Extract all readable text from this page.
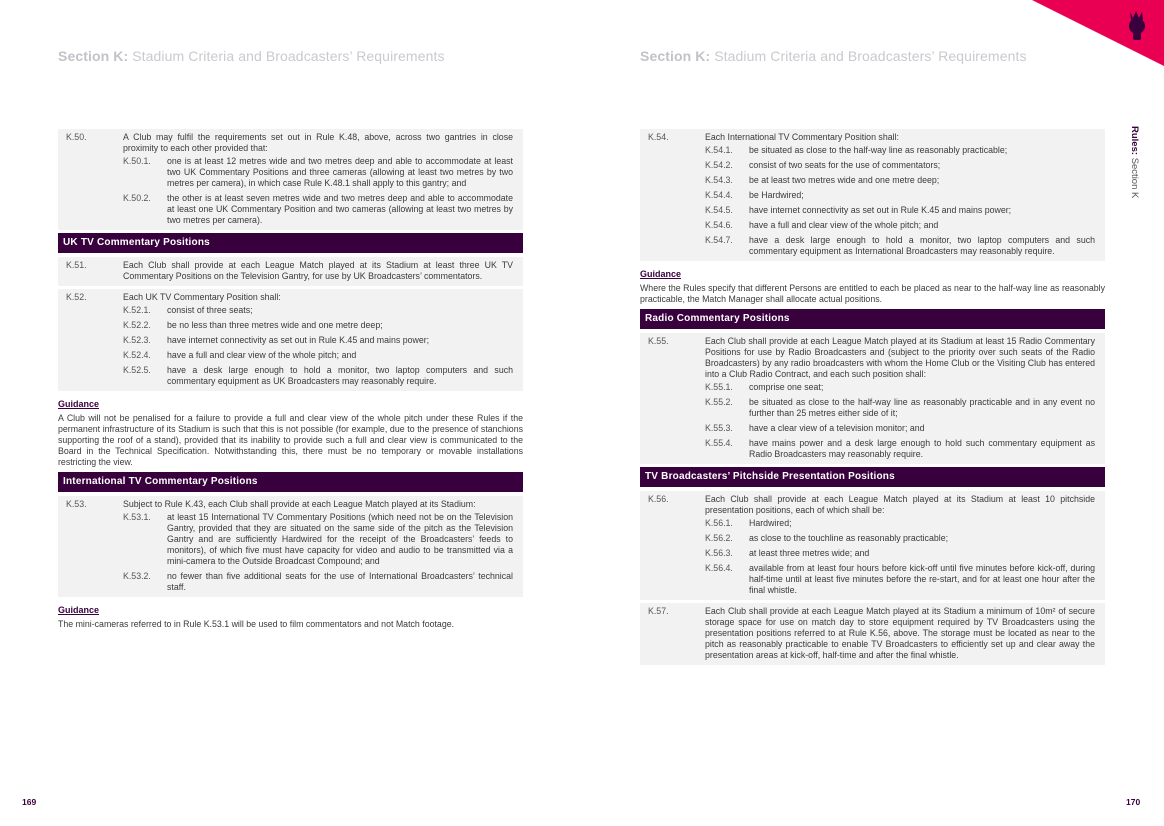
Section K: Stadium Criteria and Broadcasters’ Requirements
K.50.	A Club may fulfil the requirements set out in Rule K.48, above, across two gantries in close proximity to each other provided that:
K.50.1.	one is at least 12 metres wide and two metres deep and able to accommodate at least two UK Commentary Positions and three cameras (allowing at least two metres by two metres per camera), in which case Rule K.48.1 shall apply to this gantry; and
K.50.2.	the other is at least seven metres wide and two metres deep and able to accommodate at least one UK Commentary Position and two cameras (allowing at least two metres by two metres per camera).
UK TV Commentary Positions
K.51.	Each Club shall provide at each League Match played at its Stadium at least three UK TV Commentary Positions on the Television Gantry, for use by UK Broadcasters’ commentators.
K.52.	Each UK TV Commentary Position shall:
K.52.1.	consist of three seats;
K.52.2.	be no less than three metres wide and one metre deep;
K.52.3.	have internet connectivity as set out in Rule K.45 and mains power;
K.52.4.	have a full and clear view of the whole pitch; and
K.52.5.	have a desk large enough to hold a monitor, two laptop computers and such commentary equipment as UK Broadcasters may reasonably require.
Guidance
A Club will not be penalised for a failure to provide a full and clear view of the whole pitch under these Rules if the permanent infrastructure of its Stadium is such that this is not possible (for example, due to the presence of stanchions supporting the roof of a stand), provided that its inability to provide such a full and clear view is communicated to the Board in the Technical Specification. Notwithstanding this, there must be no temporary or movable installations restricting the view.
International TV Commentary Positions
K.53.	Subject to Rule K.43, each Club shall provide at each League Match played at its Stadium:
K.53.1.	at least 15 International TV Commentary Positions (which need not be on the Television Gantry, provided that they are situated on the same side of the pitch as the Television Gantry and are sufficiently Hardwired for the receipt of the Broadcasters’ feeds to monitors), of which five must have capacity for video and audio to be transmitted via a mini-camera to the Outside Broadcast Compound; and
K.53.2.	no fewer than five additional seats for the use of International Broadcasters’ technical staff.
Guidance
The mini-cameras referred to in Rule K.53.1 will be used to film commentators and not Match footage.
Section K: Stadium Criteria and Broadcasters’ Requirements
K.54.	Each International TV Commentary Position shall:
K.54.1.	be situated as close to the half-way line as reasonably practicable;
K.54.2.	consist of two seats for the use of commentators;
K.54.3.	be at least two metres wide and one metre deep;
K.54.4.	be Hardwired;
K.54.5.	have internet connectivity as set out in Rule K.45 and mains power;
K.54.6.	have a full and clear view of the whole pitch; and
K.54.7.	have a desk large enough to hold a monitor, two laptop computers and such commentary equipment as International Broadcasters may reasonably require.
Guidance
Where the Rules specify that different Persons are entitled to each be placed as near to the half-way line as reasonably practicable, the Match Manager shall allocate actual positions.
Radio Commentary Positions
K.55.	Each Club shall provide at each League Match played at its Stadium at least 15 Radio Commentary Positions for use by Radio Broadcasters and (subject to the priority over such seats of the Radio Broadcasters) by any radio broadcasters with whom the Home Club or the Visiting Club has entered into a Club Radio Contract, and each such position shall:
K.55.1.	comprise one seat;
K.55.2.	be situated as close to the half-way line as reasonably practicable and in any event no further than 25 metres either side of it;
K.55.3.	have a clear view of a television monitor; and
K.55.4.	have mains power and a desk large enough to hold such commentary equipment as Radio Broadcasters may reasonably require.
TV Broadcasters’ Pitchside Presentation Positions
K.56.	Each Club shall provide at each League Match played at its Stadium at least 10 pitchside presentation positions, each of which shall be:
K.56.1.	Hardwired;
K.56.2.	as close to the touchline as reasonably practicable;
K.56.3.	at least three metres wide; and
K.56.4.	available from at least four hours before kick-off until five minutes before kick-off, during half-time until at least five minutes before the re-start, and for at least one hour after the final whistle.
K.57.	Each Club shall provide at each League Match played at its Stadium a minimum of 10m² of secure storage space for use on match day to store equipment required by TV Broadcasters using the presentation positions referred to at Rule K.56, above. The storage must be located as near to the pitch as reasonably practicable to enable TV Broadcasters to efficiently set up and clear away the presentation areas at kick-off, half-time and after the final whistle.
Rules: Section K
169	170
